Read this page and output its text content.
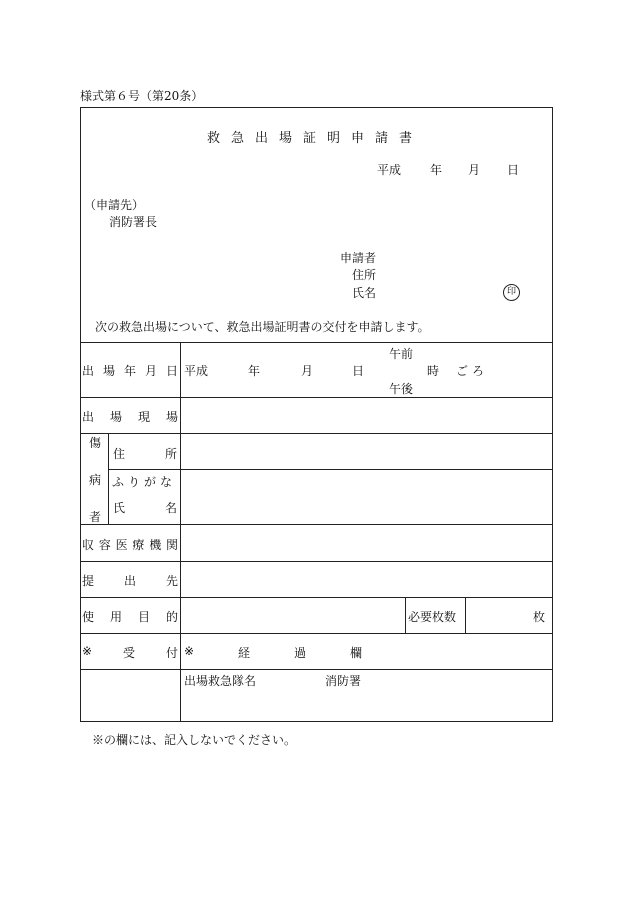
様式第６号（第20条）
救急出場証明申請書
平成 年 月 日
（申請先）
消防署長
申請者
住所
氏名	印
次の救急出場について、救急出場証明書の交付を申請します。
出 場 年 月 日 平成	年	月	日
午前
午後
時 ごろ
出 場 現 場
傷
病
者
住	所
ふりがな
氏	名
収 容 医 療 機 関
提 出 先
使 用 目 的	必要枚数	枚
※	受	付 ※	経	過	欄
出場救急隊名	消防署
※の欄には、記入しないでください。
